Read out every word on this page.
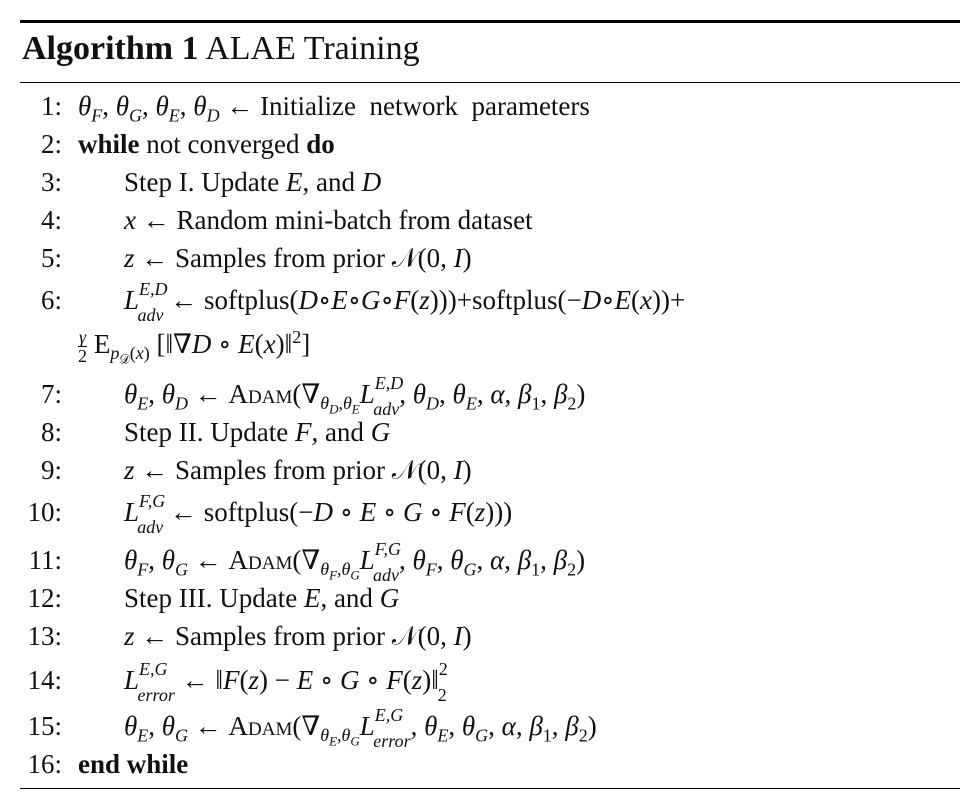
Algorithm 1 ALAE Training
1: $\theta_F$, $\theta_G$, $\theta_E$, $\theta_D$ ← Initialize  network  parameters
2: while not converged do
3: Step I. Update E, and D
4: x ← Random mini-batch from dataset
5: z ← Samples from prior 𝒩(0, I)
6: $L^{E,D}_{adv}$ ← softplus(D∘E∘G∘F(z)))+softplus(−D∘E(x))+
$\frac{\gamma}{2} E_{p_𝒟(x)}$ [‖∇D ∘ E(x)‖$^2$]
7: $\theta_E$, $\theta_D$ ← $Adam(\nabla_{\theta_D,\theta_E}L^{E,D}_{adv}$, $\theta_D$, $\theta_E$, α, $\beta_1$, $\beta_2$)
8: Step II. Update F, and G
9: z ← Samples from prior 𝒩(0, I)
10: $L^{F,G}_{adv}$ ← softplus(−D ∘ E ∘ G ∘ F(z)))
11: $\theta_F$, $\theta_G$ ← $Adam(\nabla_{\theta_F,\theta_G}L^{F,G}_{adv}$, $\theta_F$, $\theta_G$, α, $\beta_1$, $\beta_2$)
12: Step III. Update E, and G
13: z ← Samples from prior 𝒩(0, I)
14: $L^{E,G}_{error}$ ← ‖F(z) − E ∘ G ∘ F(z)‖$^2_2$
15: $\theta_E$, $\theta_G$ ← $Adam(\nabla_{\theta_E,\theta_G}L^{E,G}_{error}$, $\theta_E$, $\theta_G$, α, $\beta_1$, $\beta_2$)
16: end while
